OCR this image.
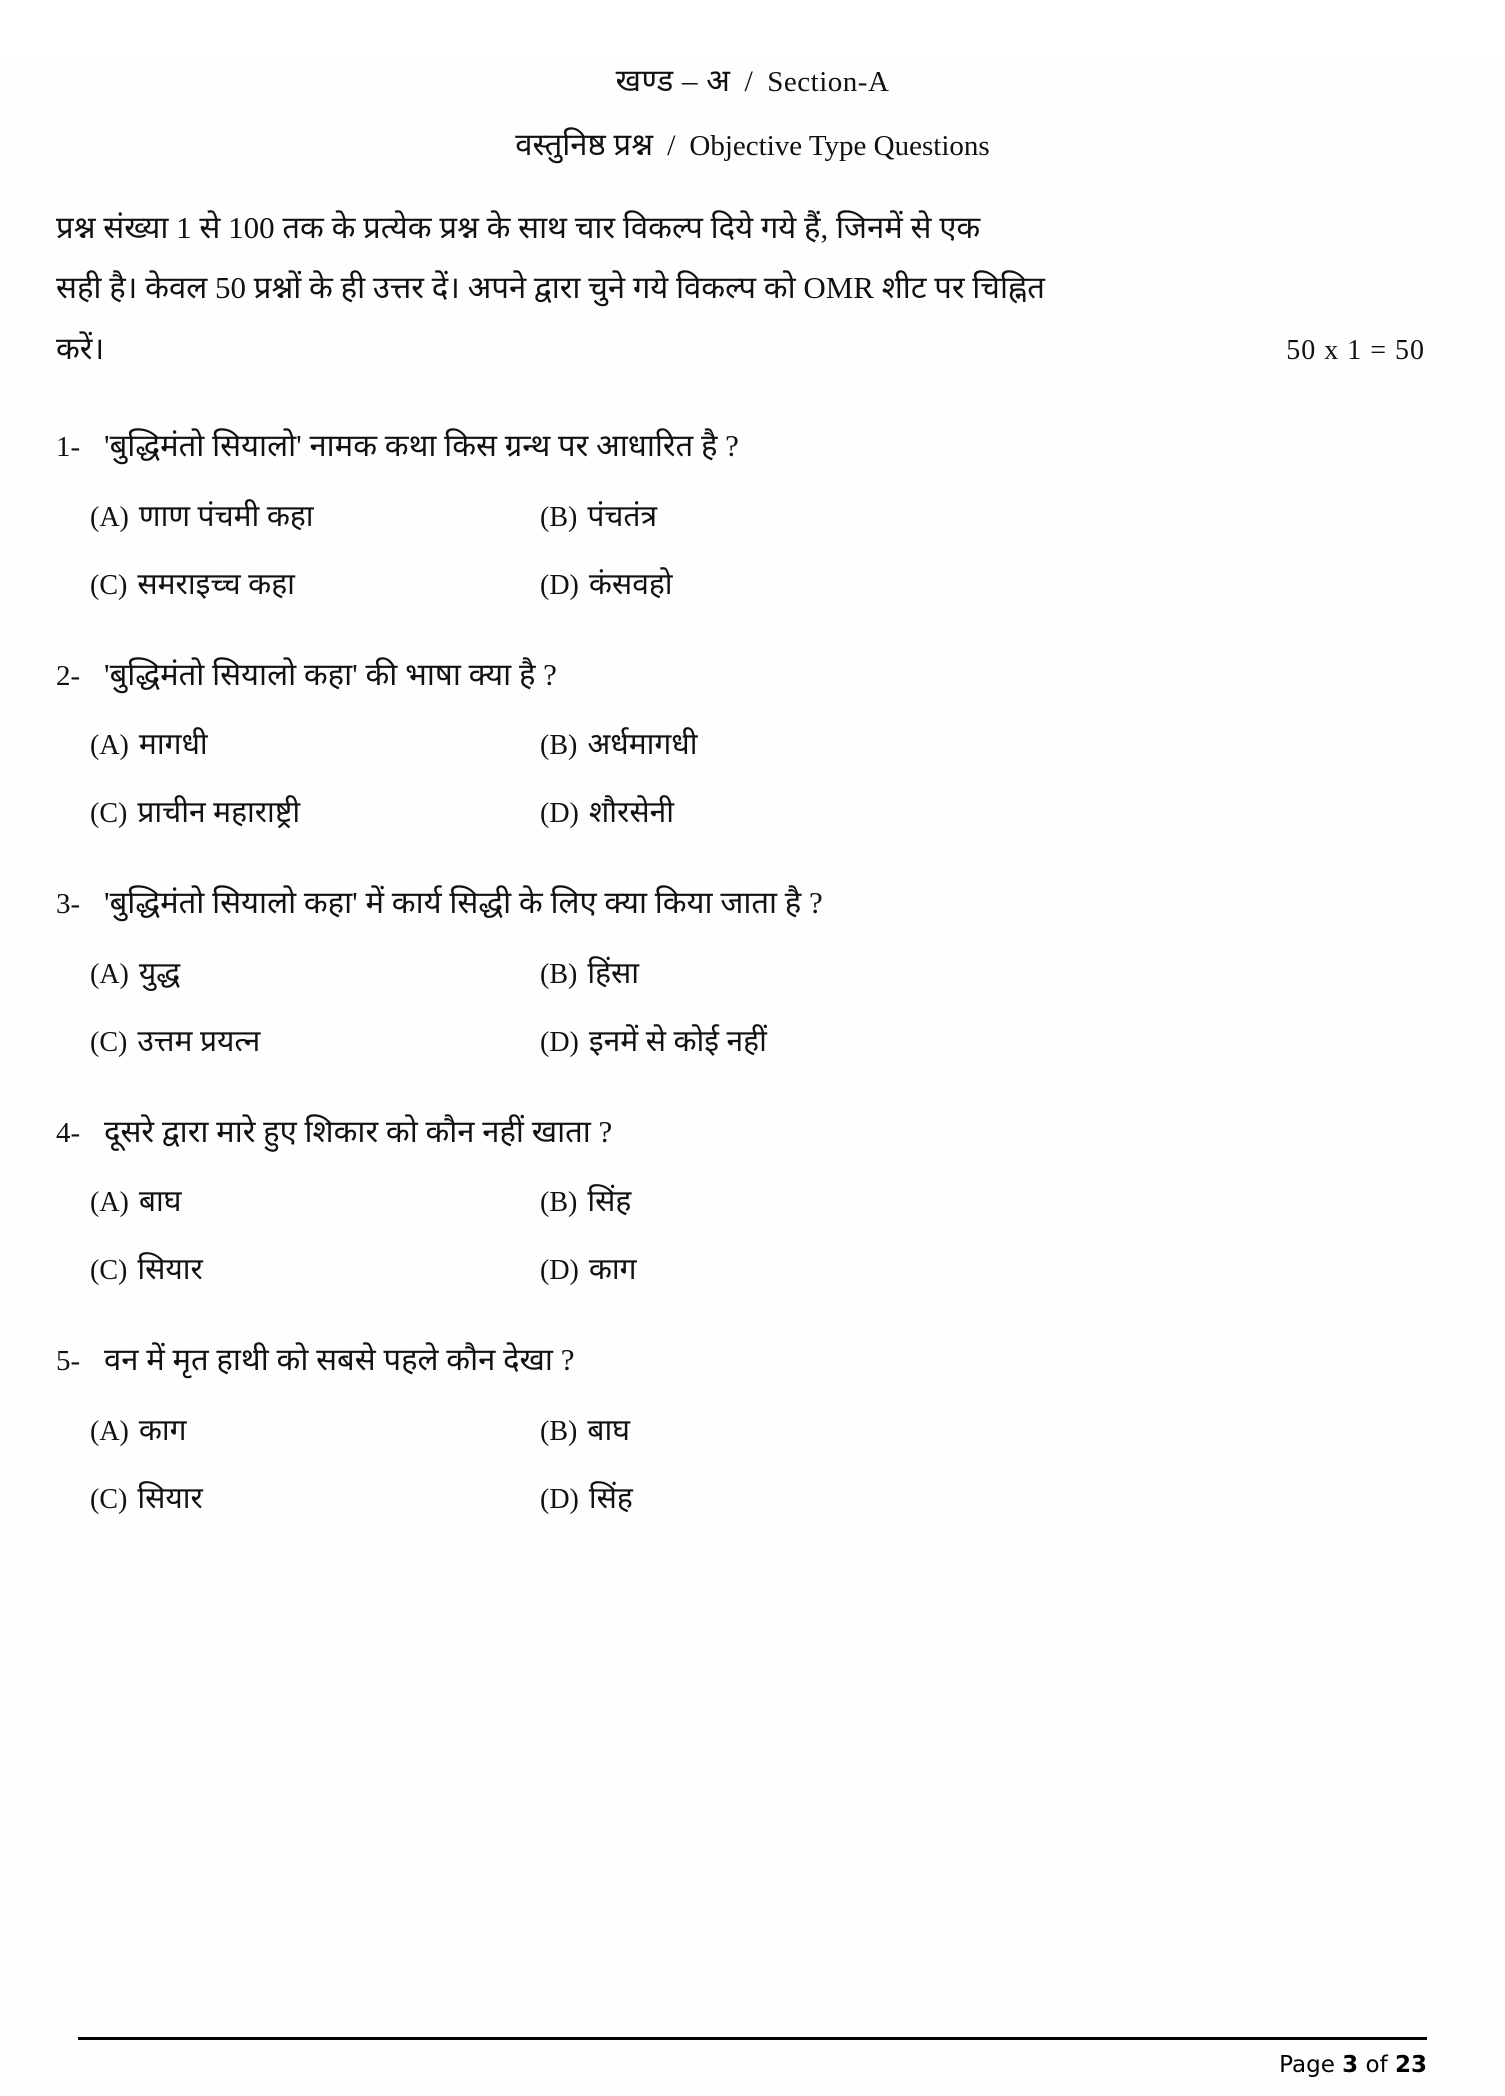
खण्ड – अ / Section-A
वस्तुनिष्ठ प्रश्न / Objective Type Questions
प्रश्न संख्या 1 से 100 तक के प्रत्येक प्रश्न के साथ चार विकल्प दिये गये हैं, जिनमें से एक
सही है। केवल 50 प्रश्नों के ही उत्तर दें। अपने द्वारा चुने गये विकल्प को OMR शीट पर चिह्नित
करें।	50 x 1 = 50
1- 'बुद्धिमंतो सियालो' नामक कथा किस ग्रन्थ पर आधारित है ?
(A) णाण पंचमी कहा	(B) पंचतंत्र
(C) समराइच्च कहा	(D) कंसवहो
2- 'बुद्धिमंतो सियालो कहा' की भाषा क्या है ?
(A) मागधी	(B) अर्धमागधी
(C) प्राचीन महाराष्ट्री	(D) शौरसेनी
3- 'बुद्धिमंतो सियालो कहा' में कार्य सिद्धी के लिए क्या किया जाता है ?
(A) युद्ध	(B) हिंसा
(C) उत्तम प्रयत्न	(D) इनमें से कोई नहीं
4- दूसरे द्वारा मारे हुए शिकार को कौन नहीं खाता ?
(A) बाघ	(B) सिंह
(C) सियार	(D) काग
5- वन में मृत हाथी को सबसे पहले कौन देखा ?
(A) काग	(B) बाघ
(C) सियार	(D) सिंह
Page 3 of 23
